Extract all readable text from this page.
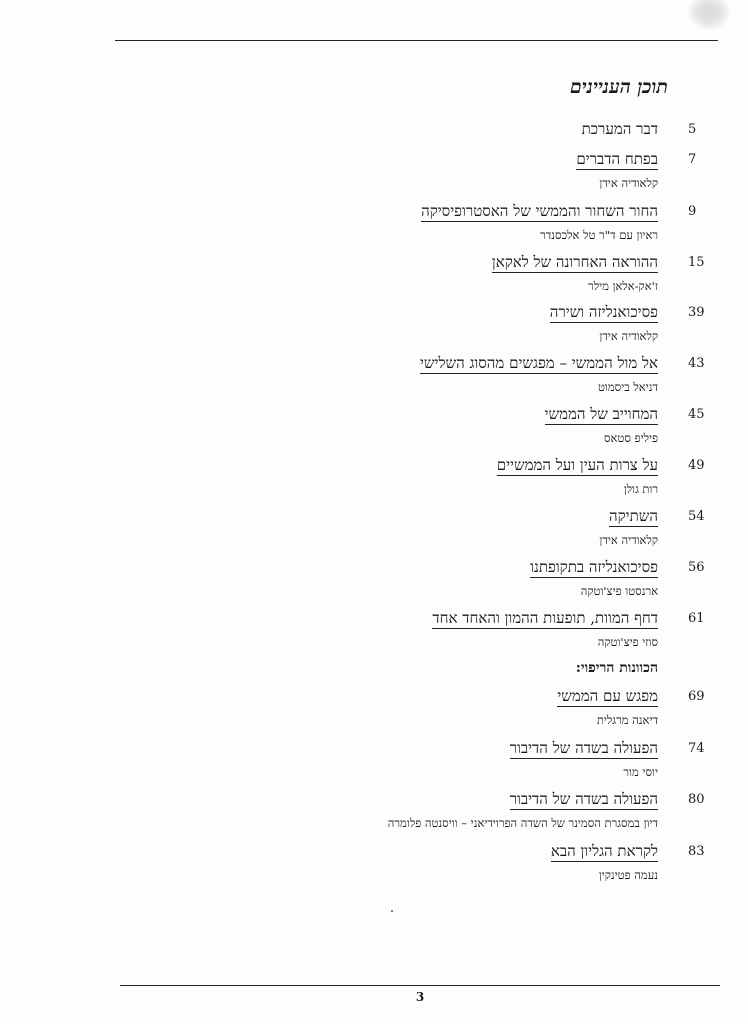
תוכן העניינים
5
דבר המערכת
7
בפתח הדברים
קלאודיה אידן
9
החור השחור והממשי של האסטרופיסיקה
ראיון עם ד"ר טל אלכסנדר
15
ההוראה האחרונה של לאקאן
ז'אק-אלאן מילר
39
פסיכואנליזה ושירה
קלאודיה אידן
43
אל מול הממשי – מפגשים מהסוג השלישי
דניאל ביסמוט
45
המחוייב של הממשי
פיליפ סטאס
49
על צרות העין ועל הממשיים
רות גולן
54
השתיקה
קלאודיה אידן
56
פסיכואנליזה בתקופתנו
ארנסטו פיצ'וטקה
61
דחף המוות, תופעות ההמון והאחד אחד
סוזי פיצ'וטקה
הכוונות הריפוי:
69
מפגש עם הממשי
דיאנה מרגלית
74
הפעולה בשדה של הדיבור
יוסי מור
80
הפעולה בשדה של הדיבור
דיון במסגרת הסמינר של השדה הפרוידיאני – וויסנטה פלומרה
83
לקראת הגליון הבא
נעמה פטינקין
3
